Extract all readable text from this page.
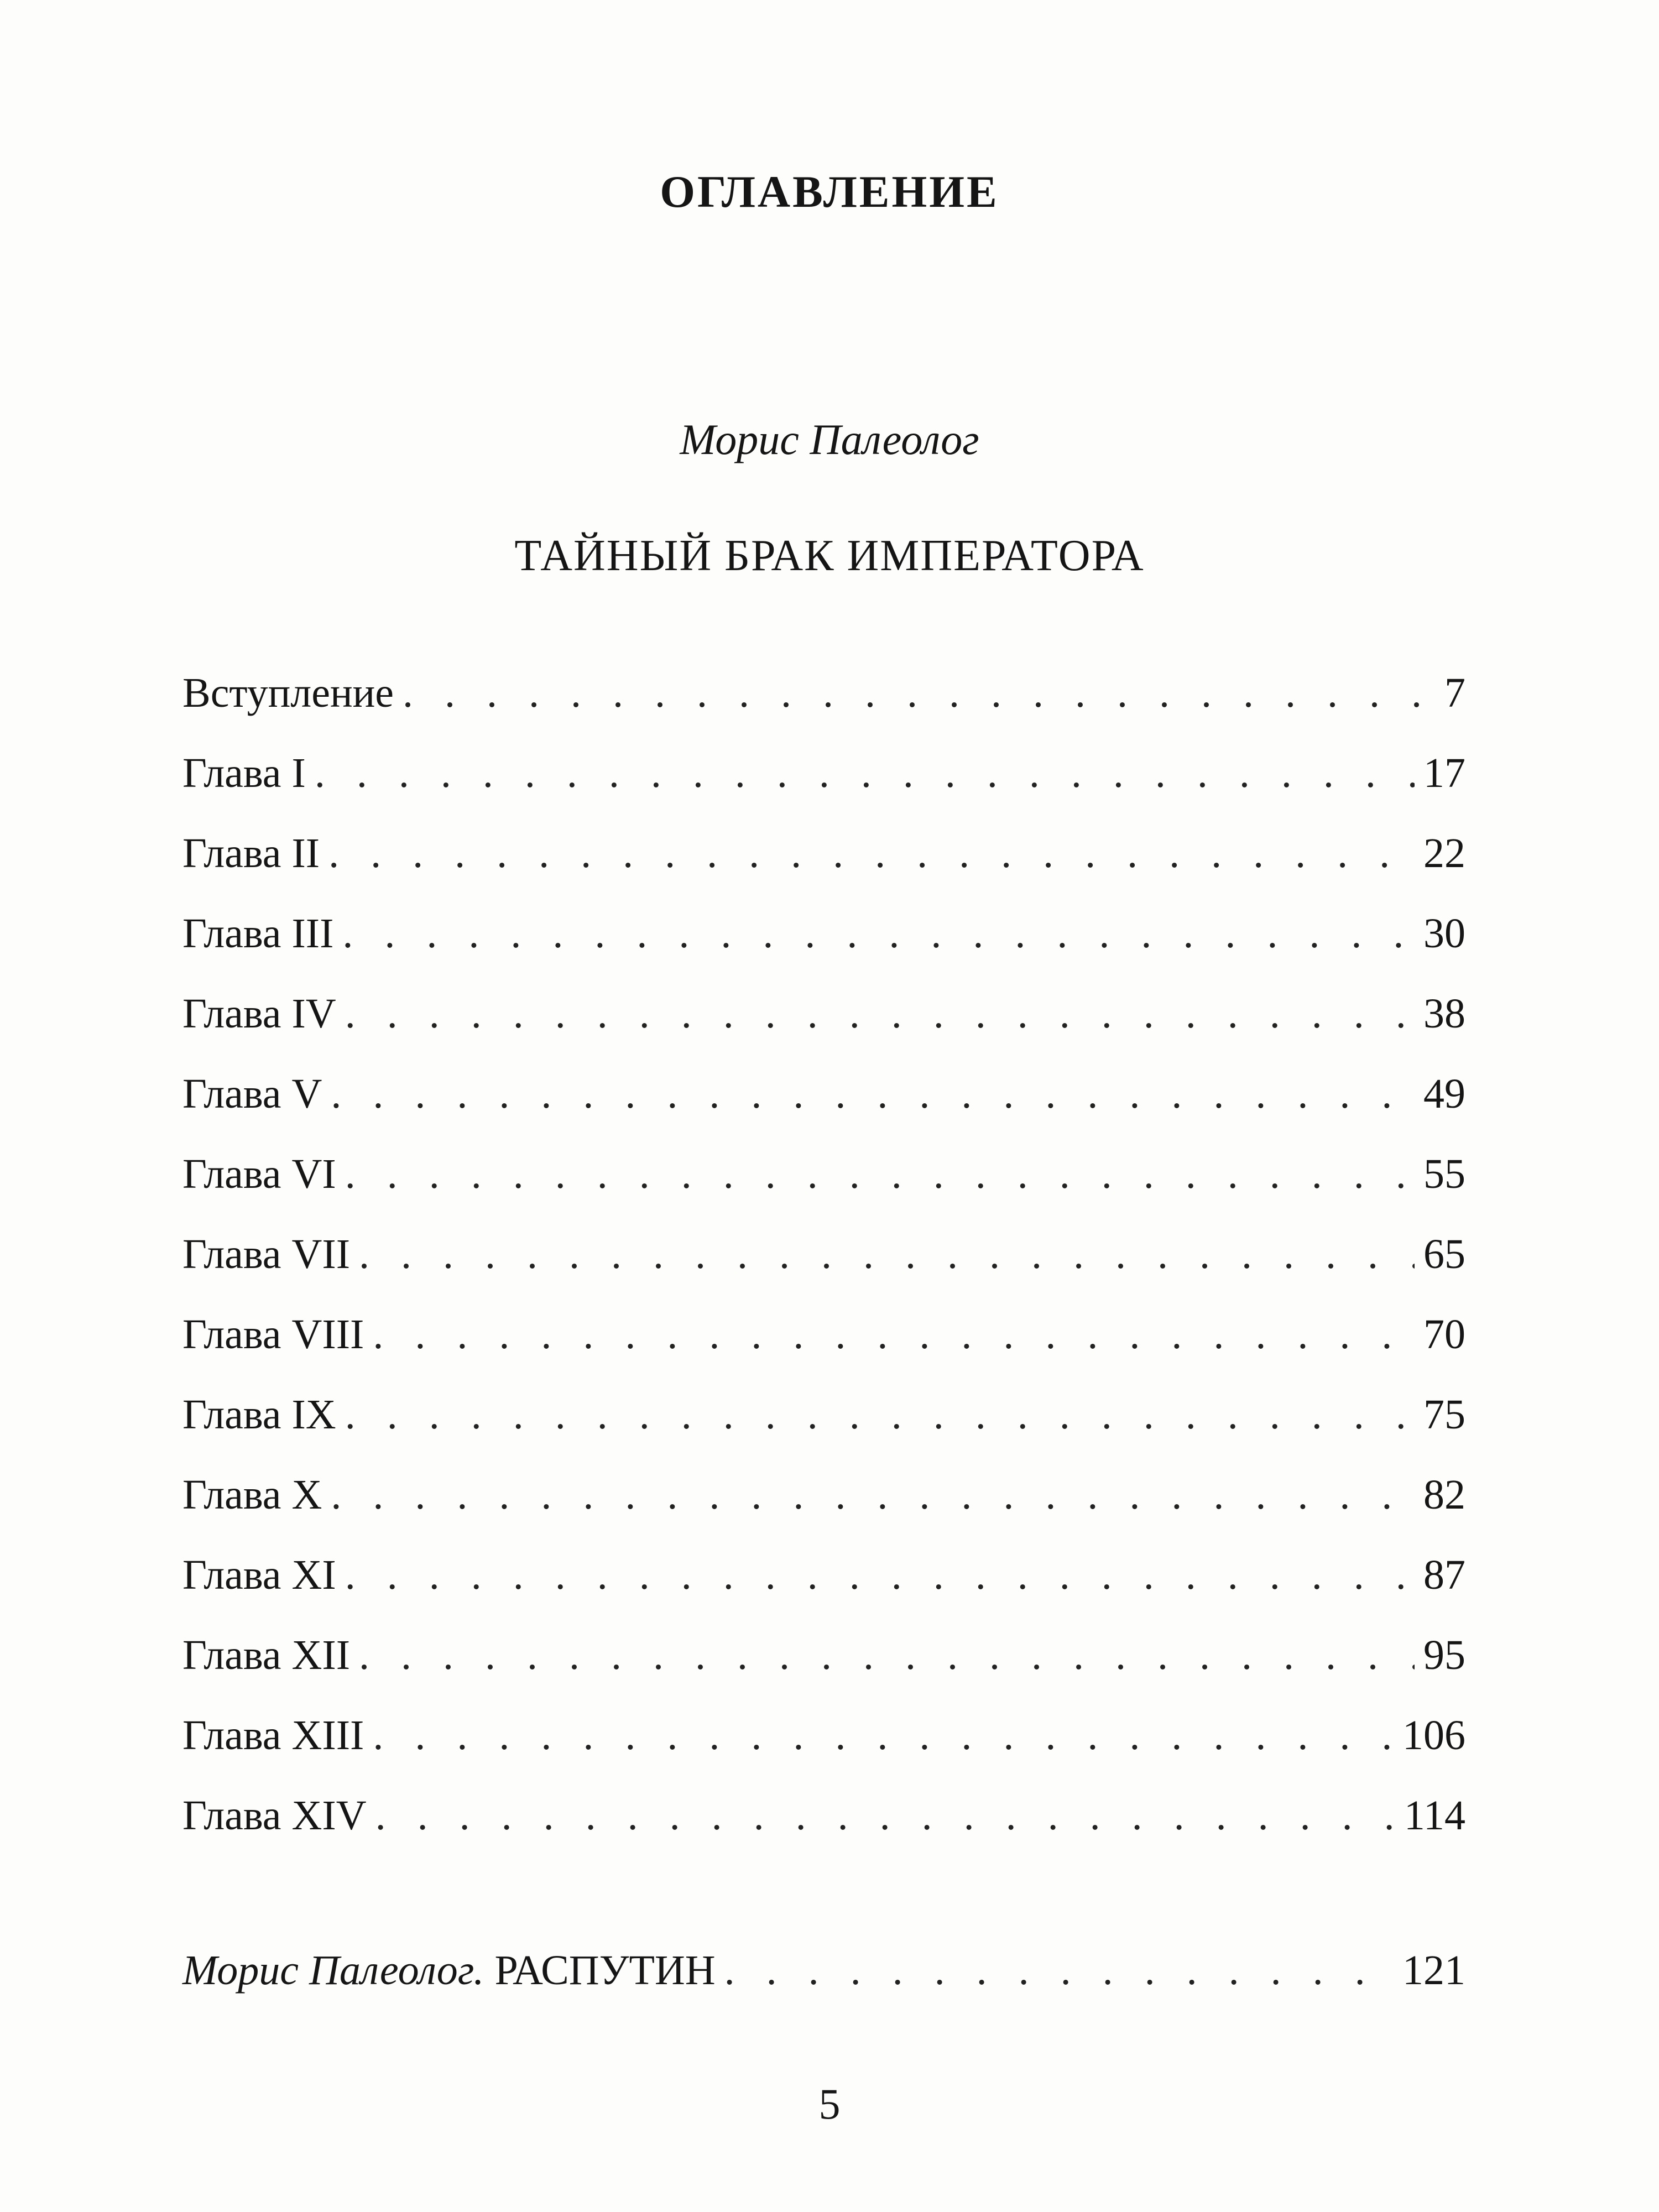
ОГЛАВЛЕНИЕ
Морис Палеолог
ТАЙНЫЙ БРАК ИМПЕРАТОРА
Вступление . . .	7
Глава I . . .	17
Глава II . . .	22
Глава III . . .	30
Глава IV . . .	38
Глава V . . .	49
Глава VI . . .	55
Глава VII . . .	65
Глава VIII . . .	70
Глава IX . . .	75
Глава X . . .	82
Глава XI . . .	87
Глава XII . . .	95
Глава XIII . . .	106
Глава XIV . . .	114
Морис Палеолог. РАСПУТИН . . .	121
5
